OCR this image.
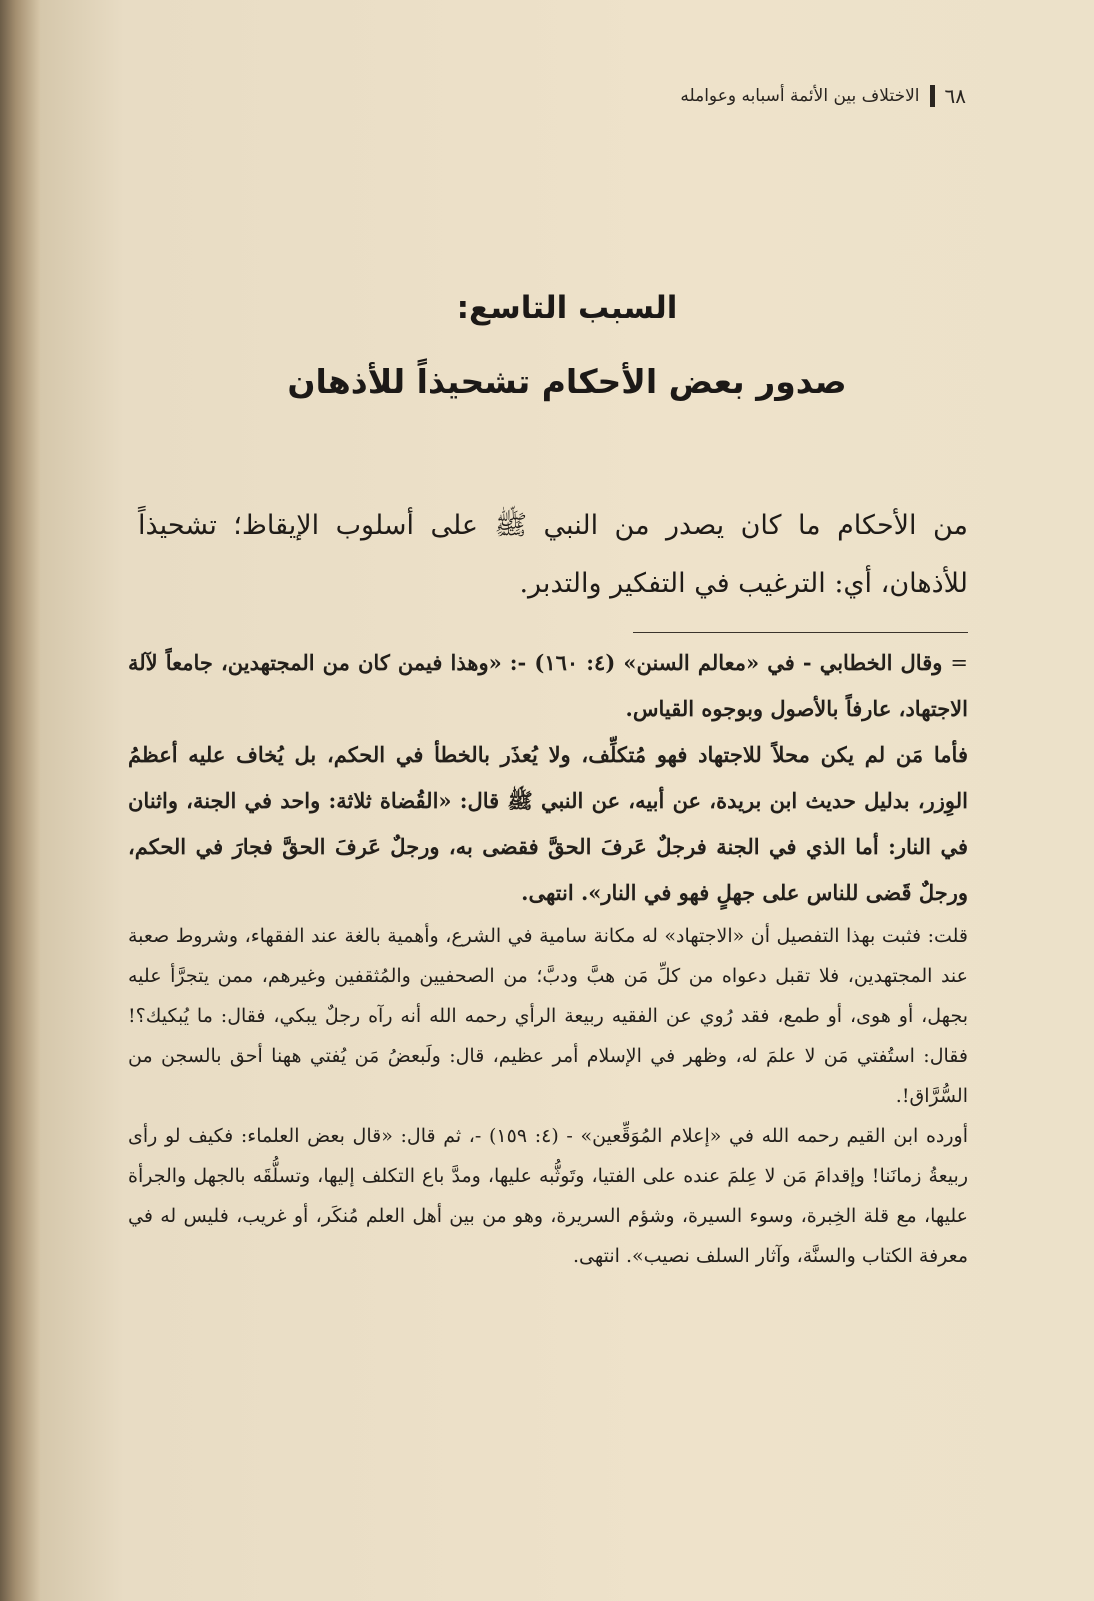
٦٨
الاختلاف بين الأئمة أسبابه وعوامله
السبب التاسع:
صدور بعض الأحكام تشحيذاً للأذهان

من الأحكام ما كان يصدر من النبي ﷺ على أسلوب الإيقاظ؛ تشحيذاً للأذهان، أي: الترغيب في التفكير والتدبر.

=وقال الخطابي - في «معالم السنن» (٤: ١٦٠) -: «وهذا فيمن كان من المجتهدين، جامعاً لآلة الاجتهاد، عارفاً بالأصول وبوجوه القياس.

فأما مَن لم يكن محلاً للاجتهاد فهو مُتكلِّف، ولا يُعذَر بالخطأ في الحكم، بل يُخاف عليه أعظمُ الوِزر، بدليل حديث ابن بريدة، عن أبيه، عن النبي ﷺ قال: «القُضاة ثلاثة: واحد في الجنة، واثنان في النار: أما الذي في الجنة فرجلٌ عَرفَ الحقَّ فقضى به، ورجلٌ عَرفَ الحقَّ فجارَ في الحكم، ورجلٌ قَضى للناس على جهلٍ فهو في النار». انتهى.

قلت: فثبت بهذا التفصيل أن «الاجتهاد» له مكانة سامية في الشرع، وأهمية بالغة عند الفقهاء، وشروط صعبة عند المجتهدين، فلا تقبل دعواه من كلِّ مَن هبَّ ودبَّ؛ من الصحفيين والمُثقفين وغيرهم، ممن يتجرَّأ عليه بجهل، أو هوى، أو طمع، فقد رُوي عن الفقيه ربيعة الرأي رحمه الله أنه رآه رجلٌ يبكي، فقال: ما يُبكيك؟! فقال: استُفتي مَن لا علمَ له، وظهر في الإسلام أمر عظيم، قال: ولَبعضُ مَن يُفتي ههنا أحق بالسجن من السُّرَّاق!.

أورده ابن القيم رحمه الله في «إعلام المُوَقِّعين» - (٤: ١٥٩) -، ثم قال: «قال بعض العلماء: فكيف لو رأى ربيعةُ زمانَنا! وإقدامَ مَن لا عِلمَ عنده على الفتيا، وتَوثُّبه عليها، ومدَّ باع التكلف إليها، وتسلُّقَه بالجهل والجرأة عليها، مع قلة الخِبرة، وسوء السيرة، وشؤم السريرة، وهو من بين أهل العلم مُنكَر، أو غريب، فليس له في معرفة الكتاب والسنَّة، وآثار السلف نصيب». انتهى.
